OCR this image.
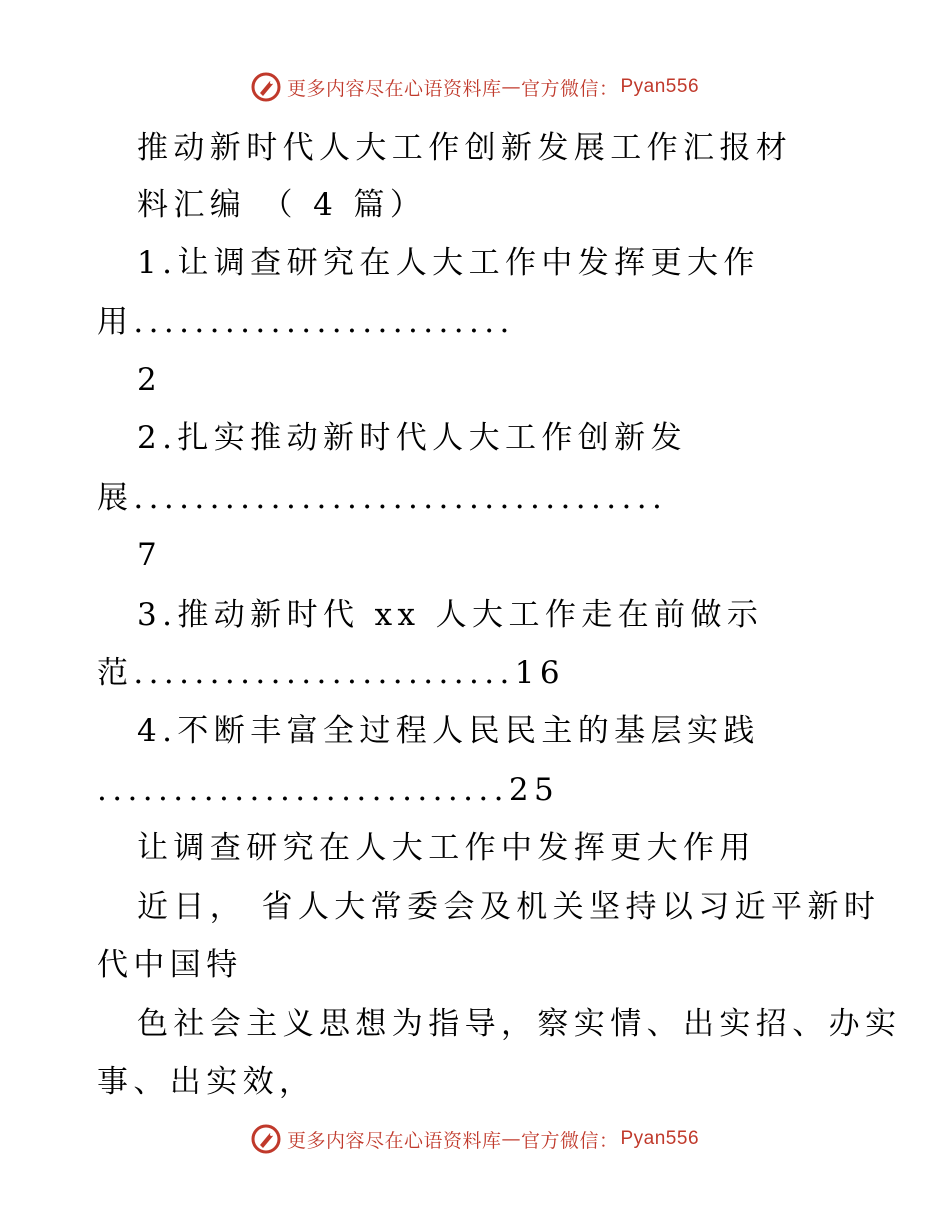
更多内容尽在心语资料库 — 官方微信： Pyan556
推动新时代人大工作创新发展工作汇报材
料汇编 （ 4 篇）
1.让调查研究在人大工作中发挥更大作
用.........................
2
2.扎实推动新时代人大工作创新发
展...................................
7
3.推动新时代 xx 人大工作走在前做示
范.........................16
4.不断丰富全过程人民民主的基层实践
...........................25
让调查研究在人大工作中发挥更大作用
近日， 省人大常委会及机关坚持以习近平新时
代中国特
色社会主义思想为指导，察实情、出实招、办实
事、出实效，
更多内容尽在心语资料库 — 官方微信： Pyan556
